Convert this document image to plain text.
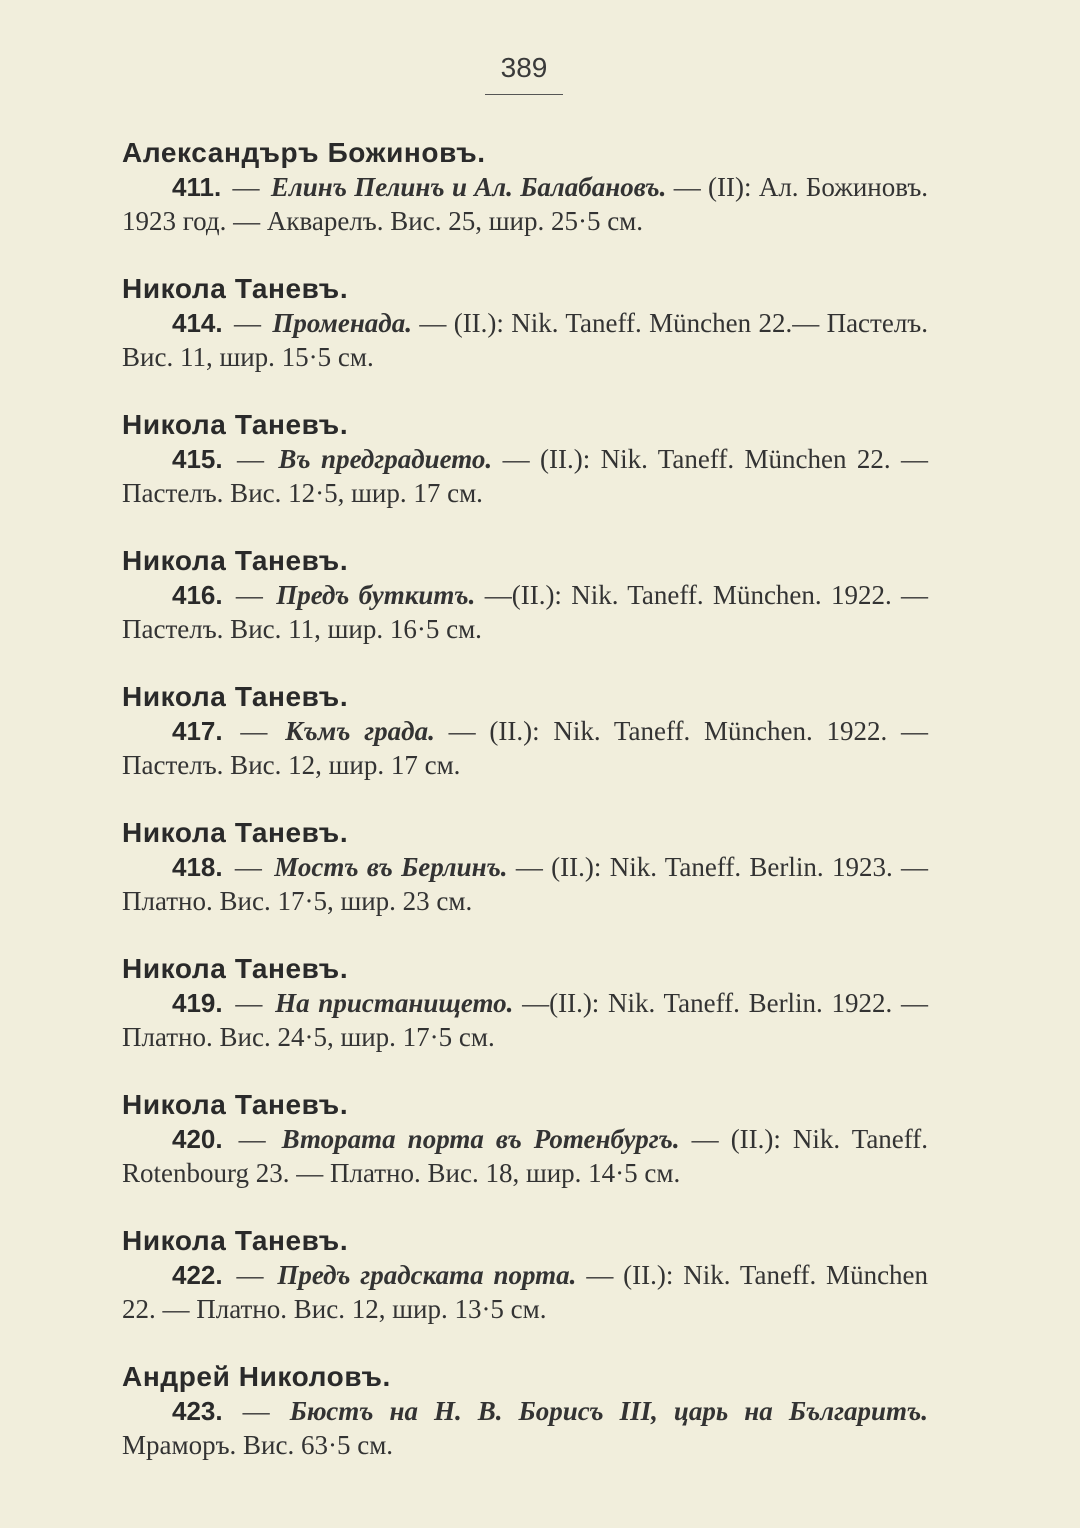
389
Александъръ Божиновъ.
411. — Елинъ Пелинъ и Ал. Балабановъ. — (II): Ал. Божиновъ. 1923 год. — Акварелъ. Вис. 25, шир. 25·5 см.
Никола Таневъ.
414. — Променада. — (II.): Nik. Taneff. München 22.— Пастелъ. Вис. 11, шир. 15·5 см.
Никола Таневъ.
415. — Въ предградието. — (II.): Nik. Taneff. München 22. — Пастелъ. Вис. 12·5, шир. 17 см.
Никола Таневъ.
416. — Предъ буткитъ. —(II.): Nik. Taneff. München. 1922. — Пастелъ. Вис. 11, шир. 16·5 см.
Никола Таневъ.
417. — Къмъ града. — (II.): Nik. Taneff. München. 1922. — Пастелъ. Вис. 12, шир. 17 см.
Никола Таневъ.
418. — Мостъ въ Берлинъ. — (II.): Nik. Taneff. Berlin. 1923. — Платно. Вис. 17·5, шир. 23 см.
Никола Таневъ.
419. — На пристанището. —(II.): Nik. Taneff. Berlin. 1922. — Платно. Вис. 24·5, шир. 17·5 см.
Никола Таневъ.
420. — Втората порта въ Ротенбургъ. — (II.): Nik. Taneff. Rotenbourg 23. — Платно. Вис. 18, шир. 14·5 см.
Никола Таневъ.
422. — Предъ градската порта. — (II.): Nik. Taneff. München 22. — Платно. Вис. 12, шир. 13·5 см.
Андрей Николовъ.
423. — Бюстъ на Н. В. Борисъ III, царь на Българитъ. Мраморъ. Вис. 63·5 см.
